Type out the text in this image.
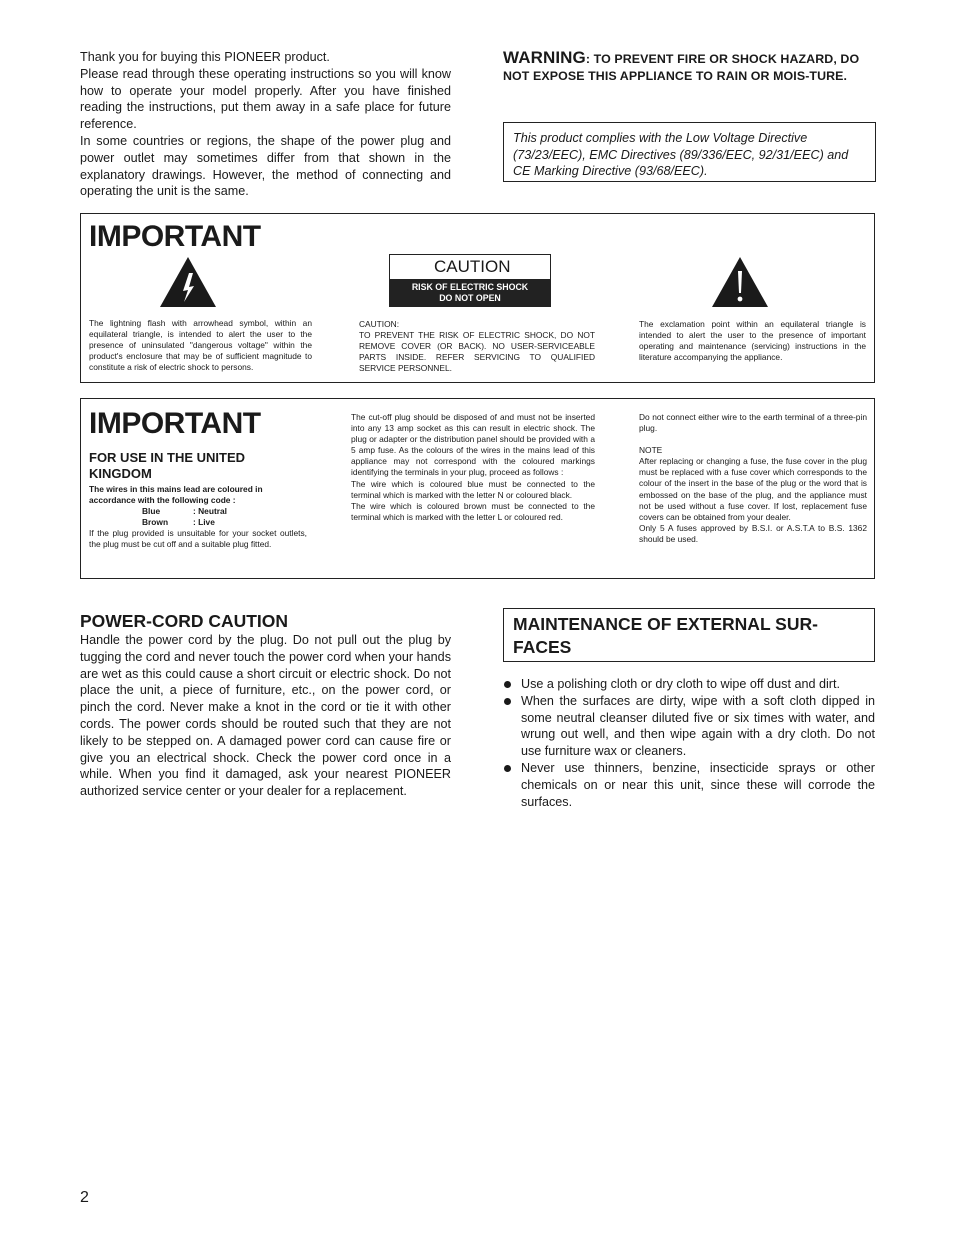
Thank you for buying this PIONEER product.

Please read through these operating instructions so you will know how to operate your model properly. After you have finished reading the instructions, put them away in a safe place for future reference.

In some countries or regions, the shape of the power plug and power outlet may sometimes differ from that shown in the explanatory drawings. However, the method of connecting and operating the unit is the same.

WARNING: TO PREVENT FIRE OR SHOCK HAZARD, DO NOT EXPOSE THIS APPLIANCE TO RAIN OR MOIS-TURE.
This product complies with the Low Voltage Directive (73/23/EEC), EMC Directives (89/336/EEC, 92/31/EEC) and CE Marking Directive (93/68/EEC).
IMPORTANT
The lightning flash with arrowhead symbol, within an equilateral triangle, is intended to alert the user to the presence of uninsulated "dangerous voltage" within the product's enclosure that may be of sufficient magnitude to constitute a risk of electric shock to persons.
CAUTION
RISK OF ELECTRIC SHOCK
DO NOT OPEN
CAUTION:
TO PREVENT THE RISK OF ELECTRIC SHOCK, DO NOT REMOVE COVER (OR BACK). NO USER-SERVICEABLE PARTS INSIDE. REFER SERVICING TO QUALIFIED SERVICE PERSONNEL.
The exclamation point within an equilateral triangle is intended to alert the user to the presence of important operating and maintenance (servicing) instructions in the literature accompanying the appliance.
IMPORTANT
FOR USE IN THE UNITED KINGDOM
The wires in this mains lead are coloured in accordance with the following code :
Blue	: Neutral
Brown	: Live
If the plug provided is unsuitable for your socket outlets, the plug must be cut off and a suitable plug fitted.
The cut-off plug should be disposed of and must not be inserted into any 13 amp socket as this can result in electric shock. The plug or adapter or the distribution panel should be provided with a 5 amp fuse. As the colours of the wires in the mains lead of this appliance may not correspond with the coloured markings identifying the terminals in your plug, proceed as follows :
The wire which is coloured blue must be connected to the terminal which is marked with the letter N or coloured black.
The wire which is coloured brown must be connected to the terminal which is marked with the letter L or coloured red.
Do not connect either wire to the earth terminal of a three-pin plug.
NOTE
After replacing or changing a fuse, the fuse cover in the plug must be replaced with a fuse cover which corresponds to the colour of the insert in the base of the plug or the word that is embossed on the base of the plug, and the appliance must not be used without a fuse cover. If lost, replacement fuse covers can be obtained from your dealer.
Only 5 A fuses approved by B.S.I. or A.S.T.A to B.S. 1362 should be used.
POWER-CORD CAUTION
Handle the power cord by the plug. Do not pull out the plug by tugging the cord and never touch the power cord when your hands are wet as this could cause a short circuit or electric shock. Do not place the unit, a piece of furniture, etc., on the power cord, or pinch the cord. Never make a knot in the cord or tie it with other cords. The power cords should be routed such that they are not likely to be stepped on. A damaged power cord can cause fire or give you an electrical shock. Check the power cord once in a while. When you find it damaged, ask your nearest PIONEER authorized service center or your dealer for a replacement.
MAINTENANCE OF EXTERNAL SUR-FACES
Use a polishing cloth or dry cloth to wipe off dust and dirt.
When the surfaces are dirty, wipe with a soft cloth dipped in some neutral cleanser diluted five or six times with water, and wrung out well, and then wipe again with a dry cloth. Do not use furniture wax or cleaners.
Never use thinners, benzine, insecticide sprays or other chemicals on or near this unit, since these will corrode the surfaces.
2
